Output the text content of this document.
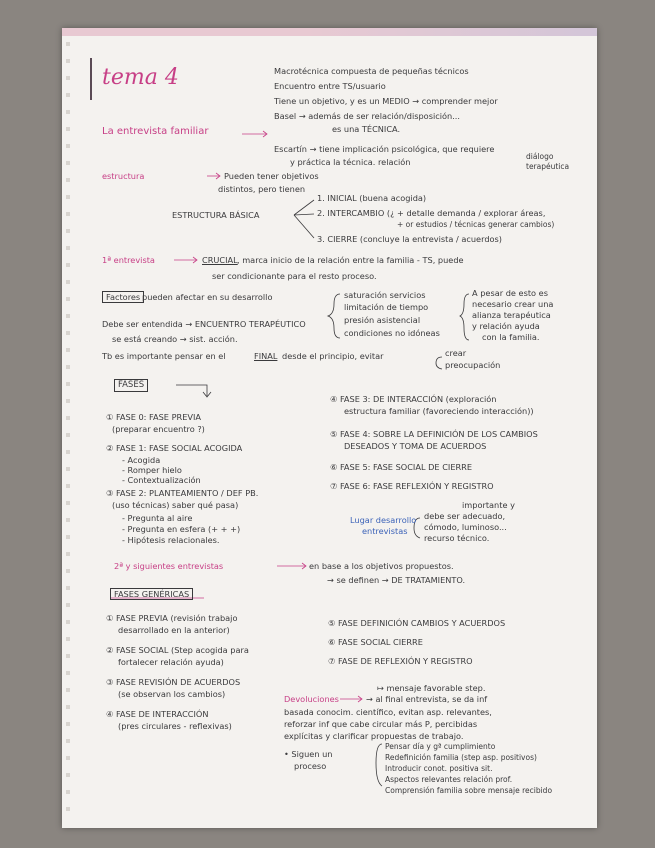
tema 4
La entrevista familiar
Macrotécnica compuesta de pequeñas técnicos
Encuentro entre TS/usuario
Tiene un objetivo, y es un MEDIO → comprender mejor
Basel → además de ser relación/disposición...
es una TÉCNICA.
Escartín → tiene implicación psicológica, que requiere
y práctica la técnica. relación
diálogo
terapéutica
estructura	Pueden tener objetivos
distintos, pero tienen
ESTRUCTURA BÁSICA
1. INICIAL (buena acogida)
2. INTERCAMBIO (¿ + detalle demanda / explorar áreas,
+ or estudios / técnicas generar cambios)
3. CIERRE (concluye la entrevista / acuerdos)
1ª entrevista	CRUCIAL , marca inicio de la relación entre la familia - TS, puede
ser condicionante para el resto proceso.
Factores pueden afectar en su desarrollo	saturación servicios
limitación de tiempo
presión asistencial
condiciones no idóneas
A pesar de esto es
necesario crear una
alianza terapéutica
y relación ayuda
con la familia.
Debe ser entendida → ENCUENTRO TERAPÉUTICO
se está creando → sist. acción.
Tb es importante pensar en el	FINAL desde el principio, evitar	crear
preocupación
FASES
① FASE 0: FASE PREVIA
(preparar encuentro ?)
② FASE 1: FASE SOCIAL ACOGIDA
- Acogida
- Romper hielo
- Contextualización
③ FASE 2: PLANTEAMIENTO / DEF PB.
(uso técnicas) saber qué pasa)
- Pregunta al aire
- Pregunta en esfera (+ + +)
- Hipótesis relacionales.
④ FASE 3: DE INTERACCIÓN (exploración
estructura familiar (favoreciendo interacción))
⑤ FASE 4: SOBRE LA DEFINICIÓN DE LOS CAMBIOS
DESEADOS Y TOMA DE ACUERDOS
⑥ FASE 5: FASE SOCIAL DE CIERRE
⑦ FASE 6: FASE REFLEXIÓN Y REGISTRO
Lugar desarrollo
entrevistas
importante y
debe ser adecuado,
cómodo, luminoso...
recurso técnico.
2ª y siguientes entrevistas	en base a los objetivos propuestos.
→ se definen → DE TRATAMIENTO.
FASES GENÉRICAS
① FASE PREVIA (revisión trabajo
desarrollado en la anterior)
② FASE SOCIAL (Step acogida para
fortalecer relación ayuda)
③ FASE REVISIÓN DE ACUERDOS
(se observan los cambios)
④ FASE DE INTERACCIÓN
(pres circulares - reflexivas)
⑤ FASE DEFINICIÓN CAMBIOS Y ACUERDOS
⑥ FASE SOCIAL CIERRE
⑦ FASE DE REFLEXIÓN Y REGISTRO
↦ mensaje favorable step.
Devoluciones	→ al final entrevista, se da inf
basada conocim. científico, evitan asp. relevantes,
reforzar inf que cabe circular más P, percibidas
explícitas y clarificar propuestas de trabajo.
• Siguen un
proceso
Pensar día y gª cumplimiento
Redefinición familia (step asp. positivos)
Introducir conot. positiva sit.
Aspectos relevantes relación prof.
Comprensión familia sobre mensaje recibido
